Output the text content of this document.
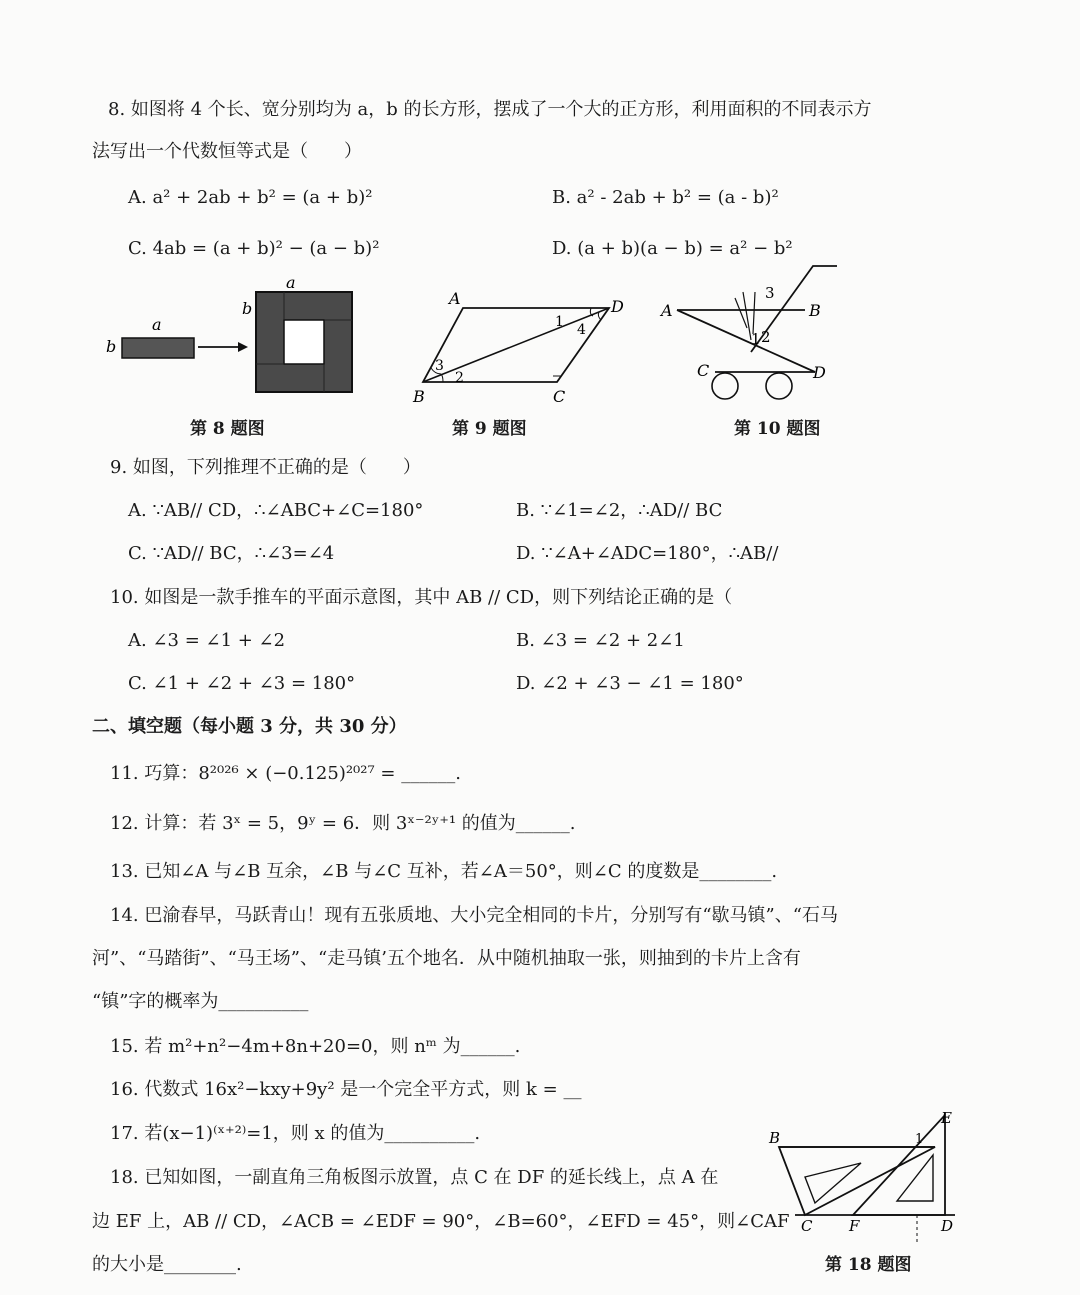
8. 如图将 4 个长、宽分别均为 a，b 的长方形，摆成了一个大的正方形，利用面积的不同表示方
法写出一个代数恒等式是（　　）
A. a² + 2ab + b² = (a + b)²	B. a² - 2ab + b² = (a - b)²
C. 4ab = (a + b)² − (a − b)²	D. (a + b)(a − b) = a² − b²
a
b
a
b
第 8 题图
A	D
B	C
1
2
3
4
第 9 题图
A	B
C	D
1 2
3
第 10 题图
9. 如图，下列推理不正确的是（　　）
A. ∵AB// CD，∴∠ABC+∠C=180°	B. ∵∠1=∠2，∴AD// BC
C. ∵AD// BC，∴∠3=∠4	D. ∵∠A+∠ADC=180°，∴AB//
10. 如图是一款手推车的平面示意图，其中 AB // CD，则下列结论正确的是（
A. ∠3 = ∠1 + ∠2	B. ∠3 = ∠2 + 2∠1
C. ∠1 + ∠2 + ∠3 = 180°	D. ∠2 + ∠3 − ∠1 = 180°
二、填空题（每小题 3 分，共 30 分）
11. 巧算：8²⁰²⁶ × (−0.125)²⁰²⁷ = ______.
12. 计算：若 3ˣ = 5，9ʸ = 6．则 3ˣ⁻²ʸ⁺¹ 的值为______.
13. 已知∠A 与∠B 互余，∠B 与∠C 互补，若∠A＝50°，则∠C 的度数是________.
14. 巴渝春早，马跃青山！现有五张质地、大小完全相同的卡片，分别写有“歇马镇”、“石马
河”、“马踏街”、“马王场”、“走马镇’五个地名．从中随机抽取一张，则抽到的卡片上含有
“镇”字的概率为__________
15. 若 m²+n²−4m+8n+20=0，则 nᵐ 为______.
16. 代数式 16x²−kxy+9y² 是一个完全平方式，则 k = __
17. 若(x−1)⁽ˣ⁺²⁾=1，则 x 的值为__________.
18. 已知如图，一副直角三角板图示放置，点 C 在 DF 的延长线上，点 A 在
边 EF 上，AB // CD，∠ACB = ∠EDF = 90°，∠B=60°，∠EFD = 45°，则∠CAF
的大小是________.
B
C F	D
E
1
第 18 题图
